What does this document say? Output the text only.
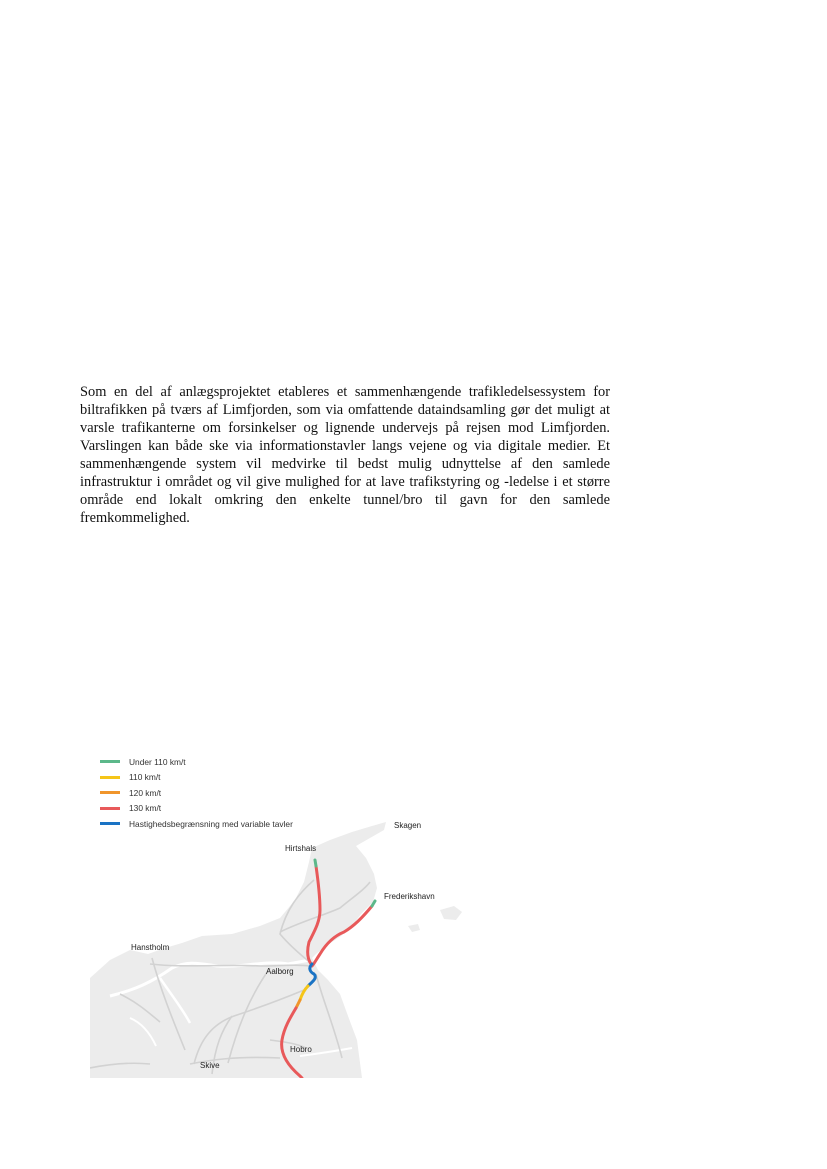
Som en del af anlægsprojektet etableres et sammenhængende trafikledelsessystem for biltrafikken på tværs af Limfjorden, som via omfattende dataindsamling gør det muligt at varsle trafikanterne om forsinkelser og lignende undervejs på rejsen mod Limfjorden. Varslingen kan både ske via informationstavler langs vejene og via digitale medier. Et sammenhængende system vil medvirke til bedst mulig udnyttelse af den samlede infrastruktur i området og vil give mulighed for at lave trafikstyring og -ledelse i et større område end lokalt omkring den enkelte tunnel/bro til gavn for den samlede fremkommelighed.

Under 110 km/t
110 km/t
120 km/t
130 km/t
Hastighedsbegrænsning med variable tavler	Skagen
Hirtshals
Frederikshavn
Hanstholm
Aalborg
Hobro
Skive
